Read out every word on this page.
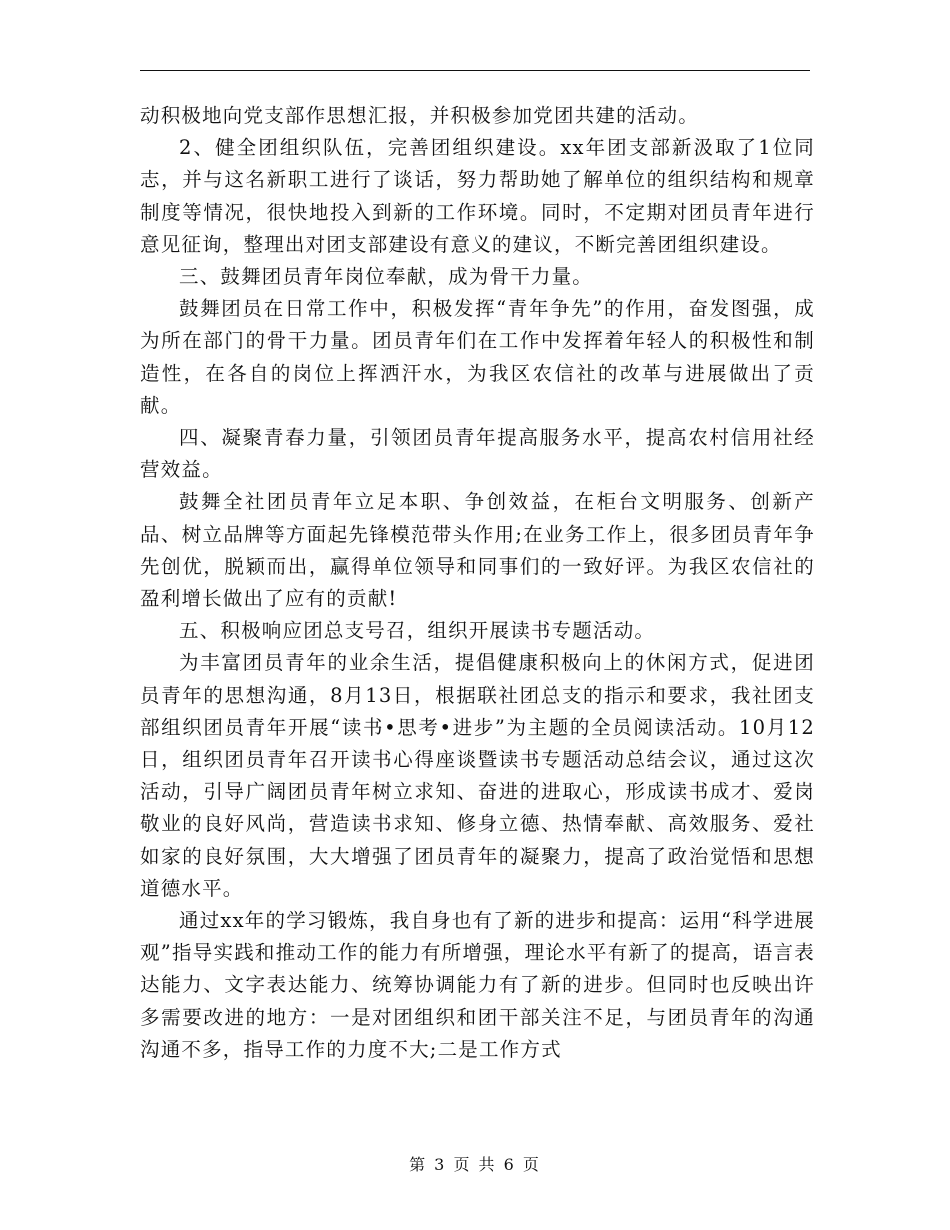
动积极地向党支部作思想汇报，并积极参加党团共建的活动。

2、健全团组织队伍，完善团组织建设。xx年团支部新汲取了1位同志，并与这名新职工进行了谈话，努力帮助她了解单位的组织结构和规章制度等情况，很快地投入到新的工作环境。同时，不定期对团员青年进行意见征询，整理出对团支部建设有意义的建议，不断完善团组织建设。

三、鼓舞团员青年岗位奉献，成为骨干力量。

鼓舞团员在日常工作中，积极发挥“青年争先”的作用，奋发图强，成为所在部门的骨干力量。团员青年们在工作中发挥着年轻人的积极性和制造性，在各自的岗位上挥洒汗水，为我区农信社的改革与进展做出了贡献。

四、凝聚青春力量，引领团员青年提高服务水平，提高农村信用社经营效益。

鼓舞全社团员青年立足本职、争创效益，在柜台文明服务、创新产品、树立品牌等方面起先锋模范带头作用;在业务工作上，很多团员青年争先创优，脱颖而出，赢得单位领导和同事们的一致好评。为我区农信社的盈利增长做出了应有的贡献!

五、积极响应团总支号召，组织开展读书专题活动。

为丰富团员青年的业余生活，提倡健康积极向上的休闲方式，促进团员青年的思想沟通，8月13日，根据联社团总支的指示和要求，我社团支部组织团员青年开展“读书•思考•进步”为主题的全员阅读活动。10月12日，组织团员青年召开读书心得座谈暨读书专题活动总结会议，通过这次活动，引导广阔团员青年树立求知、奋进的进取心，形成读书成才、爱岗敬业的良好风尚，营造读书求知、修身立德、热情奉献、高效服务、爱社如家的良好氛围，大大增强了团员青年的凝聚力，提高了政治觉悟和思想道德水平。

通过xx年的学习锻炼，我自身也有了新的进步和提高：运用“科学进展观”指导实践和推动工作的能力有所增强，理论水平有新了的提高，语言表达能力、文字表达能力、统筹协调能力有了新的进步。但同时也反映出许多需要改进的地方：一是对团组织和团干部关注不足，与团员青年的沟通沟通不多，指导工作的力度不大;二是工作方式

第 3 页 共 6 页
